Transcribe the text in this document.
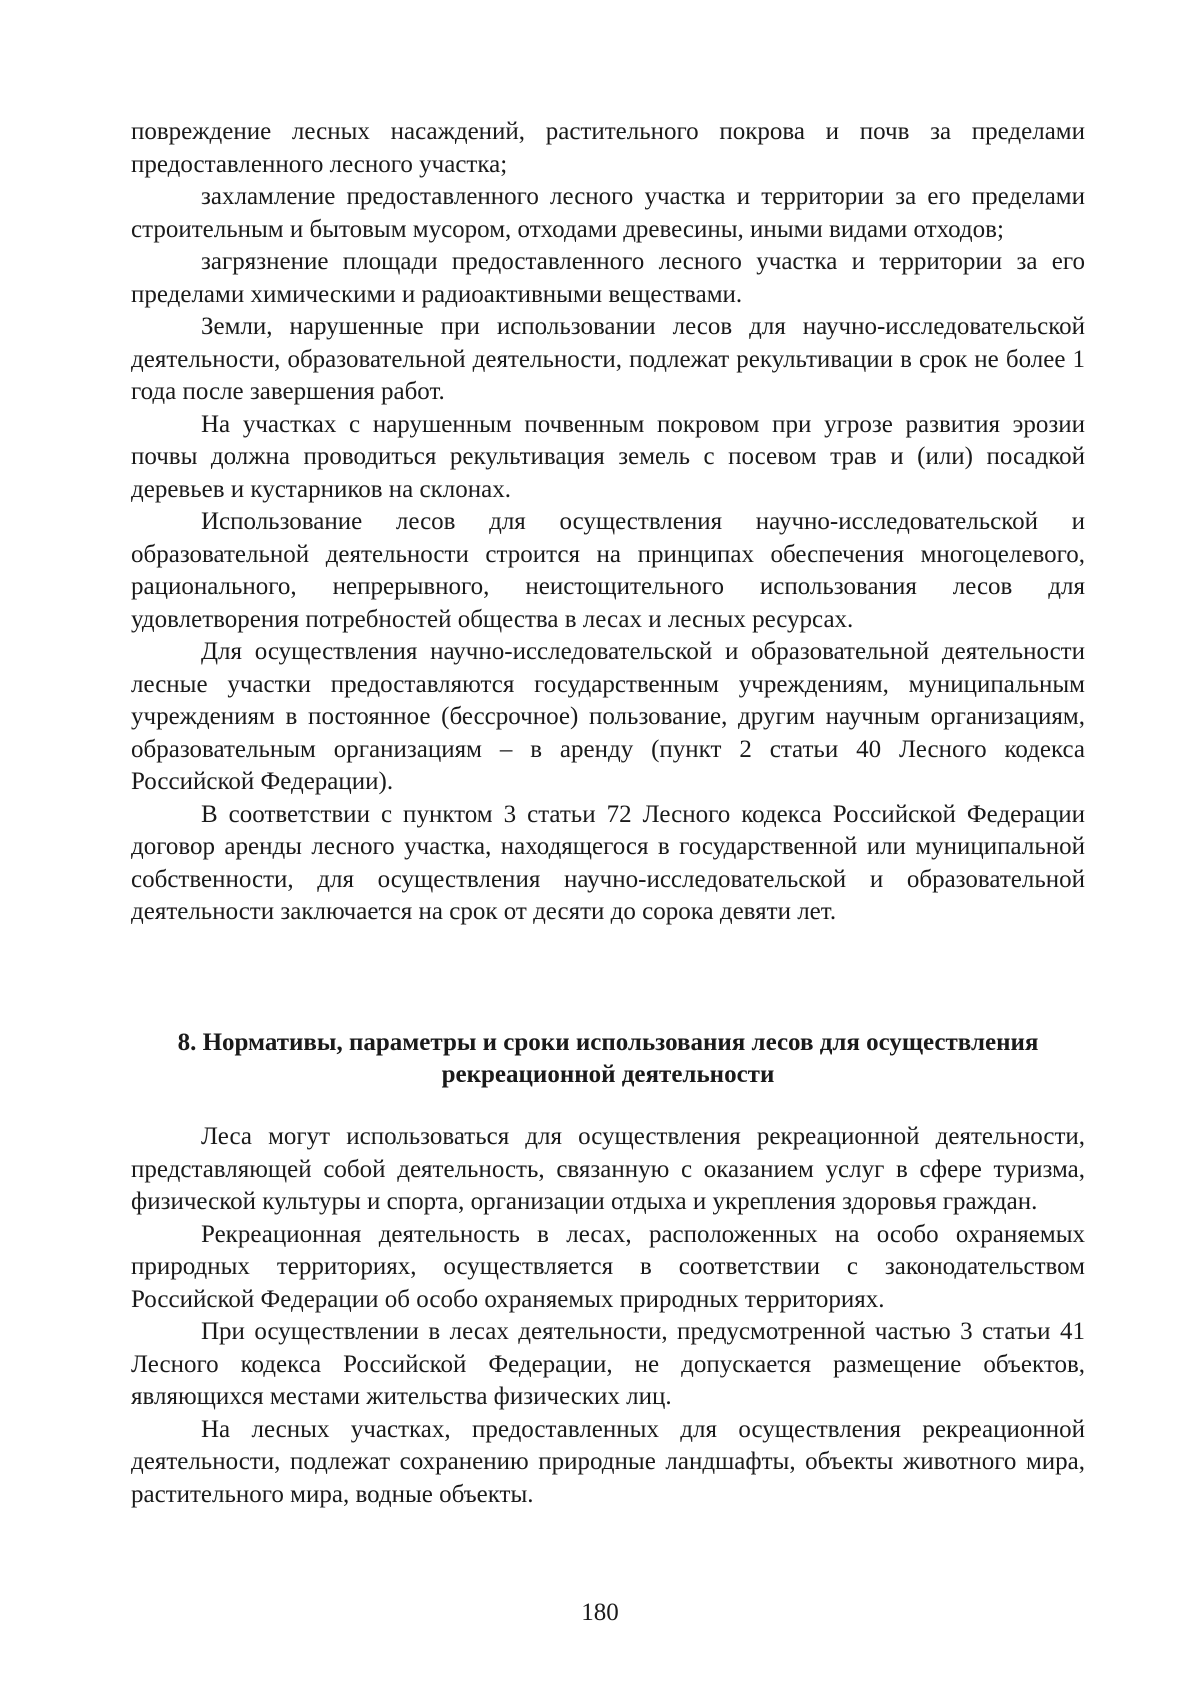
повреждение лесных насаждений, растительного покрова и почв за пределами предоставленного лесного участка;

захламление предоставленного лесного участка и территории за его пределами строительным и бытовым мусором, отходами древесины, иными видами отходов;

загрязнение площади предоставленного лесного участка и территории за его пределами химическими и радиоактивными веществами.

Земли, нарушенные при использовании лесов для научно-исследовательской деятельности, образовательной деятельности, подлежат рекультивации в срок не более 1 года после завершения работ.

На участках с нарушенным почвенным покровом при угрозе развития эрозии почвы должна проводиться рекультивация земель с посевом трав и (или) посадкой деревьев и кустарников на склонах.

Использование лесов для осуществления научно-исследовательской и образовательной деятельности строится на принципах обеспечения многоцелевого, рационального, непрерывного, неистощительного использования лесов для удовлетворения потребностей общества в лесах и лесных ресурсах.

Для осуществления научно-исследовательской и образовательной деятельности лесные участки предоставляются государственным учреждениям, муниципальным учреждениям в постоянное (бессрочное) пользование, другим научным организациям, образовательным организациям – в аренду (пункт 2 статьи 40 Лесного кодекса Российской Федерации).

В соответствии с пунктом 3 статьи 72 Лесного кодекса Российской Федерации договор аренды лесного участка, находящегося в государственной или муниципальной собственности, для осуществления научно-исследовательской и образовательной деятельности заключается на срок от десяти до сорока девяти лет.

8. Нормативы, параметры и сроки использования лесов для осуществления
рекреационной деятельности

Леса могут использоваться для осуществления рекреационной деятельности, представляющей собой деятельность, связанную с оказанием услуг в сфере туризма, физической культуры и спорта, организации отдыха и укрепления здоровья граждан.

Рекреационная деятельность в лесах, расположенных на особо охраняемых природных территориях, осуществляется в соответствии с законодательством Российской Федерации об особо охраняемых природных территориях.

При осуществлении в лесах деятельности, предусмотренной частью 3 статьи 41 Лесного кодекса Российской Федерации, не допускается размещение объектов, являющихся местами жительства физических лиц.

На лесных участках, предоставленных для осуществления рекреационной деятельности, подлежат сохранению природные ландшафты, объекты животного мира, растительного мира, водные объекты.

180
